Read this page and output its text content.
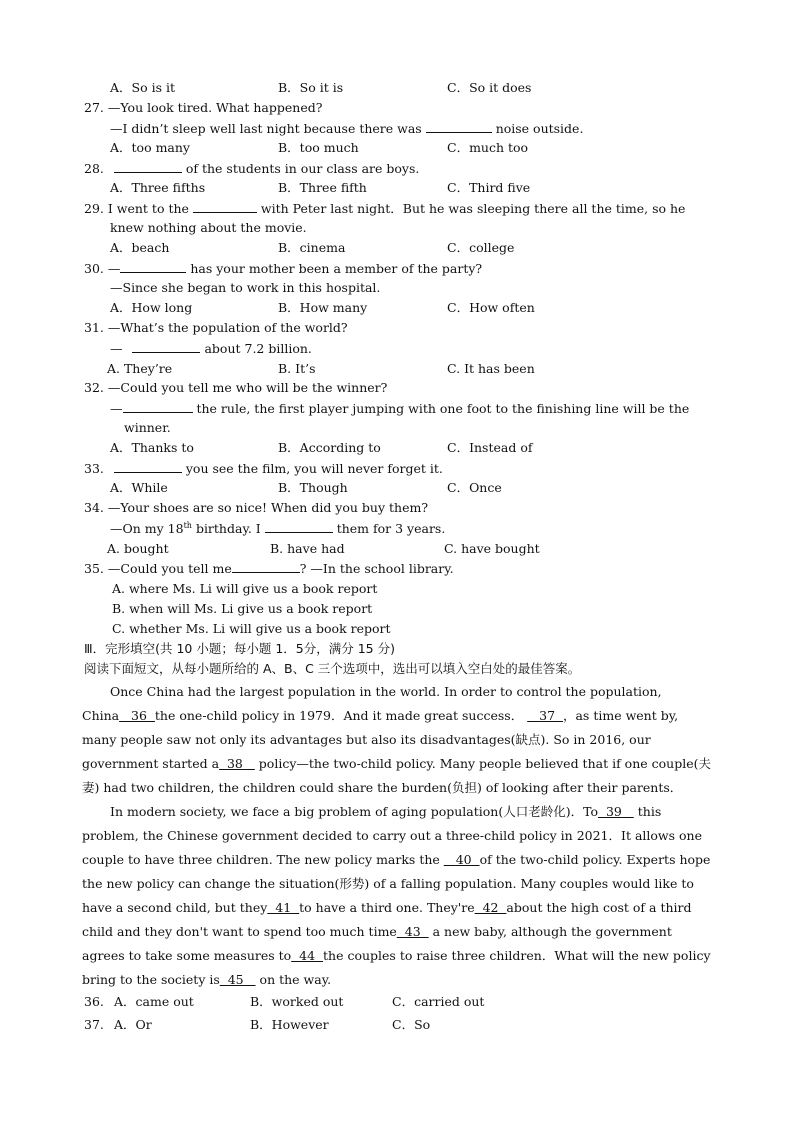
A．So is it	B．So it is	C．So it does
27. —You look tired. What happened?
—I didn’t sleep well last night because there was	noise outside.
A．too many	B．too much	C．much too
28.	of the students in our class are boys.
A．Three fifths	B．Three fifth	C．Third five
29. I went to the	with Peter last night．But he was sleeping there all the time, so he
knew nothing about the movie.
A．beach	B．cinema	C．college
30. —	has your mother been a member of the party?
—Since she began to work in this hospital.
A．How long	B．How many	C．How often
31. —What’s the population of the world?
—	about 7.2 billion.
A. They’re	B. It’s	C. It has been
32. —Could you tell me who will be the winner?
—	the rule, the first player jumping with one foot to the finishing line will be the
winner.
A．Thanks to	B．According to	C．Instead of
33.	you see the film, you will never forget it.
A．While	B．Though	C．Once
34. —Your shoes are so nice! When did you buy them?
—On my 18th birthday. I	them for 3 years.
A. bought	B. have had	C. have bought
35. —Could you tell me	? —In the school library.
A. where Ms. Li will give us a book report
B. when will Ms. Li give us a book report
C. whether Ms. Li will give us a book report
Ⅲ．完形填空(共 10 小题；每小题 1．5分，满分 15 分)
阅读下面短文，从每小题所给的 A、B、C 三个选项中，选出可以填入空白处的最佳答案。
Once China had the largest population in the world. In order to control the population, China 36 the one-child policy in 1979．And it made great success． 37 ，as time went by, many people saw not only its advantages but also its disadvantages(缺点). So in 2016, our government started a 38 policy—the two-child policy. Many people believed that if one couple(夫妻) had two children, the children could share the burden(负担) of looking after their parents．
In modern society, we face a big problem of aging population(人口老龄化)．To 39 this problem, the Chinese government decided to carry out a three-child policy in 2021．It allows one couple to have three children. The new policy marks the 40 of the two-child policy. Experts hope the new policy can change the situation(形势) of a falling population. Many couples would like to have a second child, but they 41 to have a third one. They're 42 about the high cost of a third child and they don't want to spend too much time 43 a new baby, although the government agrees to take some measures to 44 the couples to raise three children．What will the new policy bring to the society is 45 on the way.
36. A．came out	B．worked out	C．carried out
37. A．Or	B．However	C．So
